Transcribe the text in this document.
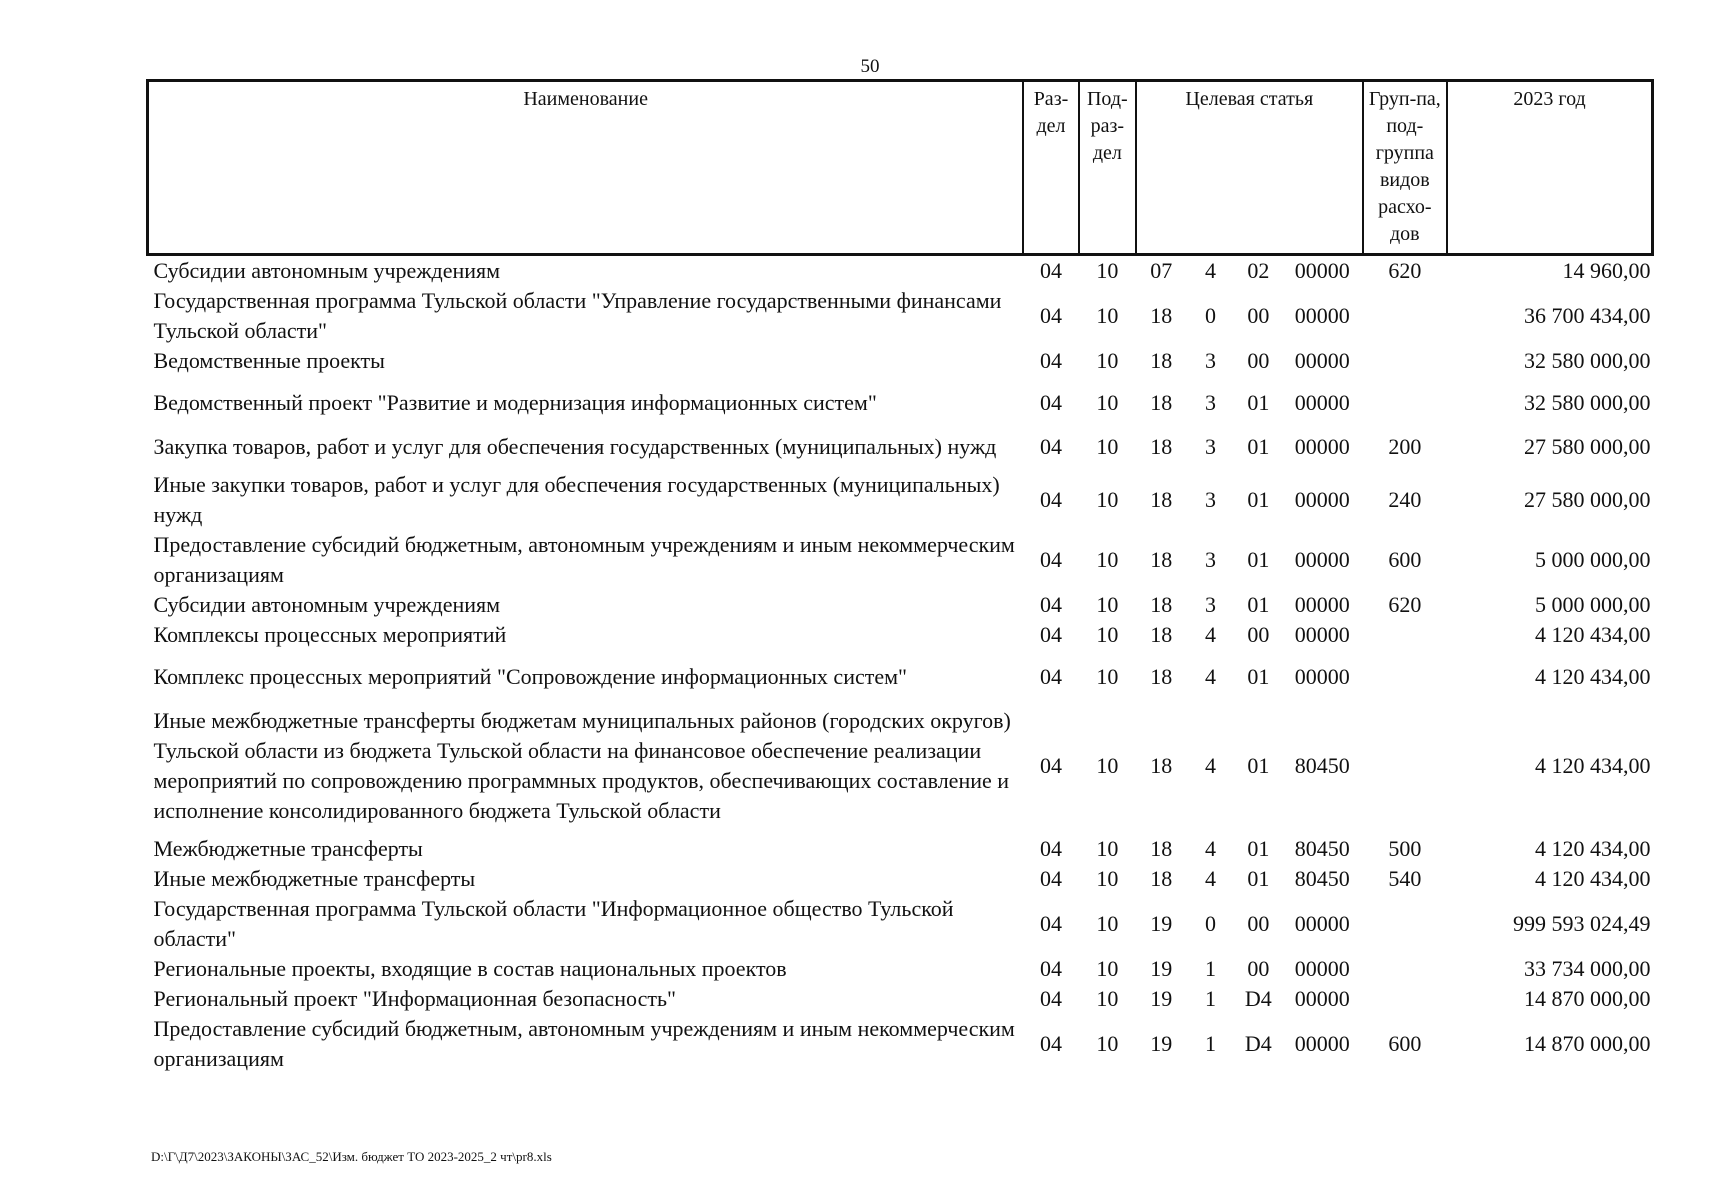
50
Наименование	Раз-дел	Под-раз-дел	Целевая статья				Груп-па, под-группа видов расхо-дов	2023 год
Субсидии автономным учреждениям	04	10	07	4	02	00000	620	14 960,00
Государственная программа Тульской области "Управление государственными финансами Тульской области"	04	10	18	0	00	00000		36 700 434,00
Ведомственные проекты	04	10	18	3	00	00000		32 580 000,00
Ведомственный проект "Развитие и модернизация информационных систем"	04	10	18	3	01	00000		32 580 000,00
Закупка товаров, работ и услуг для обеспечения государственных (муниципальных) нужд	04	10	18	3	01	00000	200	27 580 000,00
Иные закупки товаров, работ и услуг для обеспечения государственных (муниципальных) нужд	04	10	18	3	01	00000	240	27 580 000,00
Предоставление субсидий бюджетным, автономным учреждениям и иным некоммерческим организациям	04	10	18	3	01	00000	600	5 000 000,00
Субсидии автономным учреждениям	04	10	18	3	01	00000	620	5 000 000,00
Комплексы процессных мероприятий	04	10	18	4	00	00000		4 120 434,00
Комплекс процессных мероприятий "Сопровождение информационных систем"	04	10	18	4	01	00000		4 120 434,00
Иные межбюджетные трансферты бюджетам муниципальных районов (городских округов) Тульской области из бюджета Тульской области на финансовое обеспечение реализации мероприятий по сопровождению программных продуктов, обеспечивающих составление и исполнение консолидированного бюджета Тульской области	04	10	18	4	01	80450		4 120 434,00
Межбюджетные трансферты	04	10	18	4	01	80450	500	4 120 434,00
Иные межбюджетные трансферты	04	10	18	4	01	80450	540	4 120 434,00
Государственная программа Тульской области "Информационное общество Тульской области"	04	10	19	0	00	00000		999 593 024,49
Региональные проекты, входящие в состав национальных проектов	04	10	19	1	00	00000		33 734 000,00
Региональный проект "Информационная безопасность"	04	10	19	1	D4	00000		14 870 000,00
Предоставление субсидий бюджетным, автономным учреждениям и иным некоммерческим организациям	04	10	19	1	D4	00000	600	14 870 000,00
D:\Г\Д7\2023\ЗАКОНЫ\ЗАС_52\Изм. бюджет ТО 2023-2025_2 чт\pr8.xls
